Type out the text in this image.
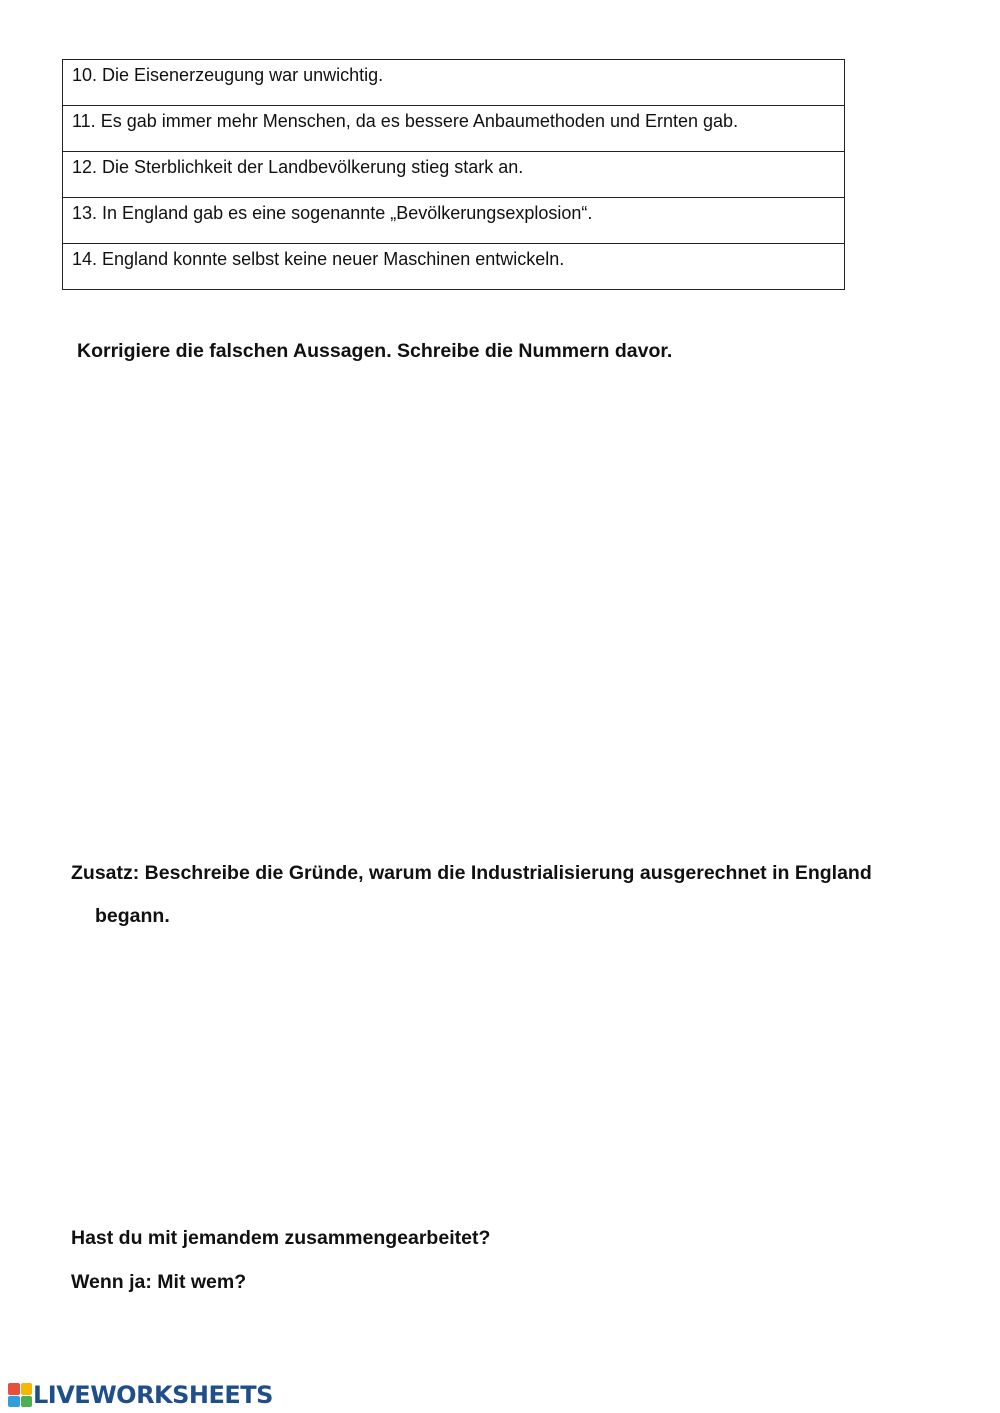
10. Die Eisenerzeugung war unwichtig.

11. Es gab immer mehr Menschen, da es bessere Anbaumethoden und Ernten gab.

12. Die Sterblichkeit der Landbevölkerung stieg stark an.

13. In England gab es eine sogenannte „Bevölkerungsexplosion“.

14. England konnte selbst keine neuer Maschinen entwickeln.
Korrigiere die falschen Aussagen. Schreibe die Nummern davor.
Zusatz: Beschreibe die Gründe, warum die Industrialisierung ausgerechnet in England
begann.
Hast du mit jemandem zusammengearbeitet?
Wenn ja: Mit wem?
LIVEWORKSHEETS
